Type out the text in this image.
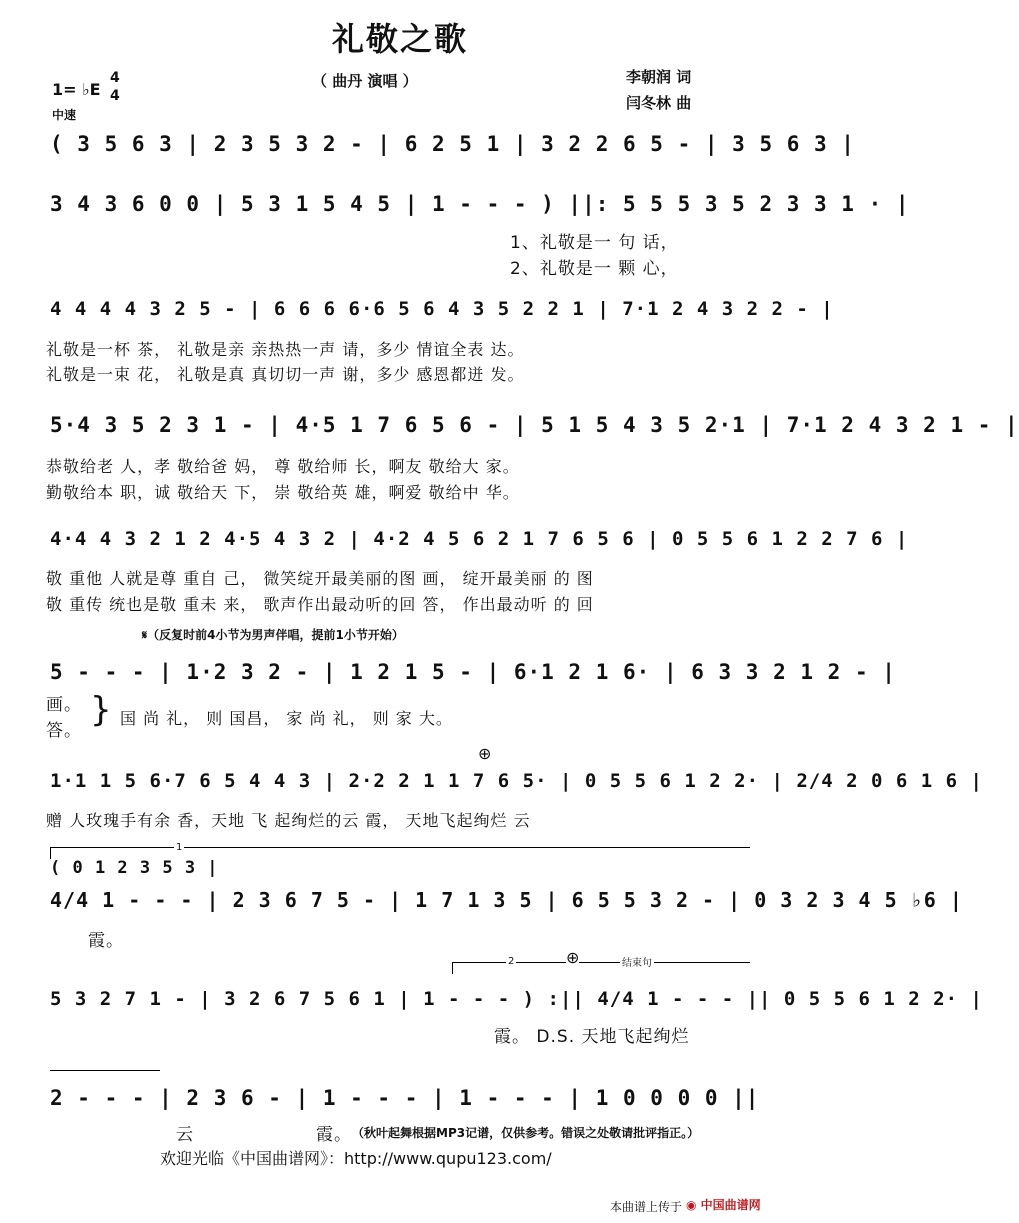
礼敬之歌
（ 曲丹 演唱 ）	李朝润 词
闫冬林 曲
1= ♭E
4
4
中速
( 3 5 6 3 | 2 3 5 3 2 - | 6 2 5 1 | 3 2 2 6 5 - | 3 5 6 3 |
3 4 3 6 0 0 | 5 3 1 5 4 5 | 1 - - - ) ||: 5 5 5 3 5 2 3 3 1 · |
1、礼敬是一 句 话，
2、礼敬是一 颗 心，
4 4 4 4 3 2 5 - | 6 6 6 6·6 5 6 4 3 5 2 2 1 | 7·1 2 4 3 2 2 - |
礼敬是一杯 茶， 礼敬是亲 亲热热一声 请，多少 情谊全表 达。
礼敬是一束 花， 礼敬是真 真切切一声 谢，多少 感恩都迸 发。
5·4 3 5 2 3 1 - | 4·5 1 7 6 5 6 - | 5 1 5 4 3 5 2·1 | 7·1 2 4 3 2 1 - |
恭敬给老 人，孝 敬给爸 妈， 尊 敬给师 长，啊友 敬给大 家。
勤敬给本 职，诚 敬给天 下， 崇 敬给英 雄，啊爱 敬给中 华。
4·4 4 3 2 1 2 4·5 4 3 2 | 4·2 4 5 6 2 1 7 6 5 6 | 0 5 5 6 1 2 2 7 6 |
敬 重他 人就是尊 重自 己， 微笑绽开最美丽的图 画， 绽开最美丽 的 图
敬 重传 统也是敬 重未 来， 歌声作出最动听的回 答， 作出最动听 的 回
𝄋（反复时前4小节为男声伴唱，提前1小节开始）
5 - - - | 1·2 3 2 - | 1 2 1 5 - | 6·1 2 1 6· | 6 3 3 2 1 2 - |
画。
答。
} 国 尚 礼， 则 国昌， 家 尚 礼， 则 家 大。
⊕
1·1 1 5 6·7 6 5 4 4 3 | 2·2 2 1 1 7 6 5· | 0 5 5 6 1 2 2· | 2/4 2 0 6 1 6 |
赠 人玫瑰手有余 香，天地 飞 起绚烂的云 霞， 天地飞起绚烂 云
1
( 0 1 2 3 5 3 |
4/4 1 - - - | 2 3 6 7 5 - | 1 7 1 3 5 | 6 5 5 3 2 - | 0 3 2 3 4 5 ♭6 |
霞。
2	⊕	结束句
5 3 2 7 1 - | 3 2 6 7 5 6 1 | 1 - - - ) :|| 4/4 1 - - - || 0 5 5 6 1 2 2· |
霞。 D.S. 天地飞起绚烂
2 - - - | 2 3 6 - | 1 - - - | 1 - - - | 1 0 0 0 0 ||
云	霞。 （秋叶起舞根据MP3记谱，仅供参考。错误之处敬请批评指正。）
欢迎光临《中国曲谱网》：http://www.qupu123.com/
本曲谱上传于 ◉ 中国曲谱网
